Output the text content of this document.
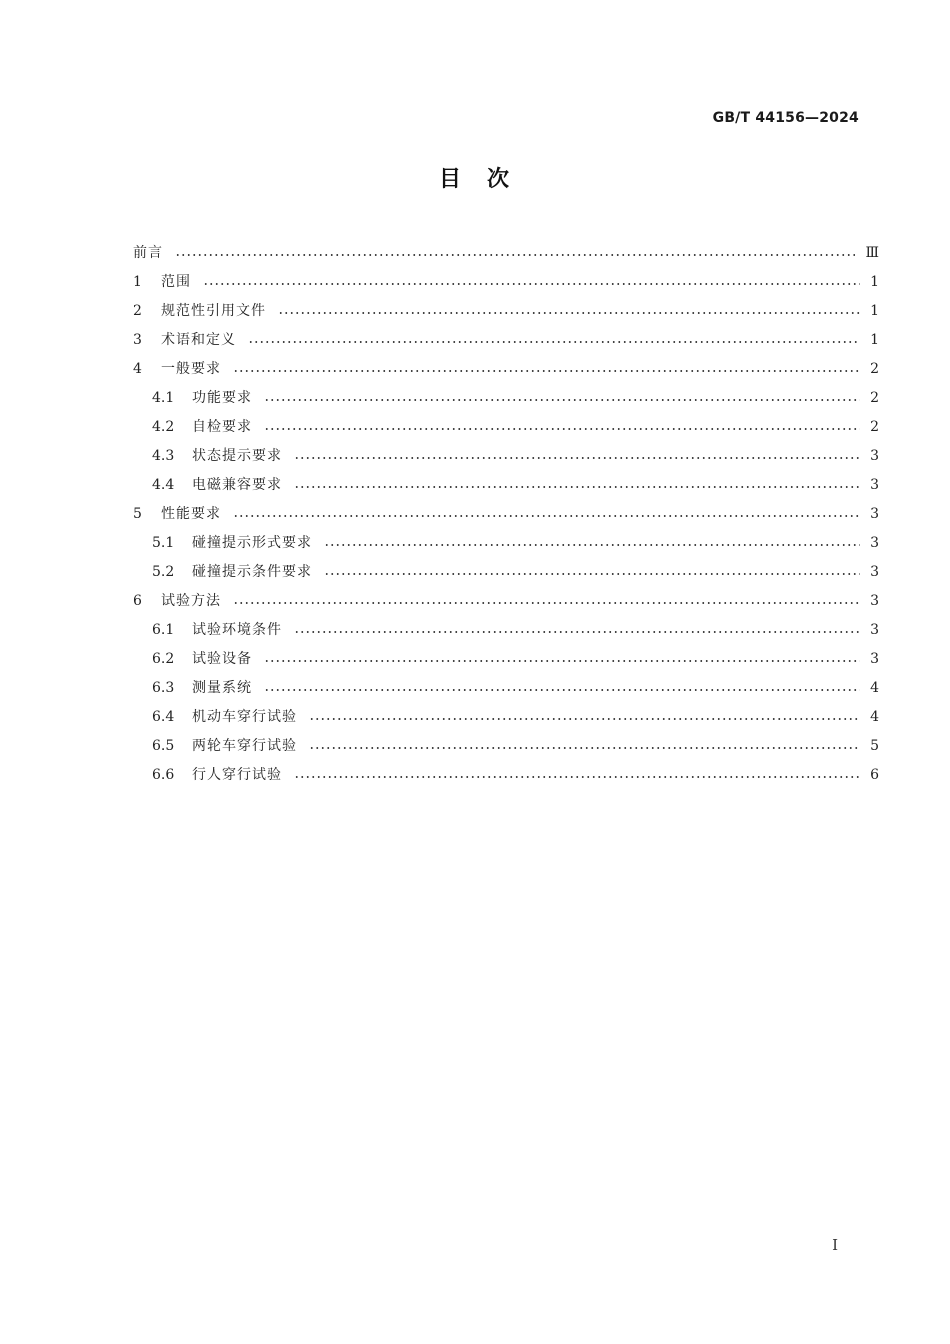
GB/T 44156—2024
目　次
前言	Ⅲ
1	范围	1
2	规范性引用文件	1
3	术语和定义	1
4	一般要求	2
4.1	功能要求	2
4.2	自检要求	2
4.3	状态提示要求	3
4.4	电磁兼容要求	3
5	性能要求	3
5.1	碰撞提示形式要求	3
5.2	碰撞提示条件要求	3
6	试验方法	3
6.1	试验环境条件	3
6.2	试验设备	3
6.3	测量系统	4
6.4	机动车穿行试验	4
6.5	两轮车穿行试验	5
6.6	行人穿行试验	6
I
